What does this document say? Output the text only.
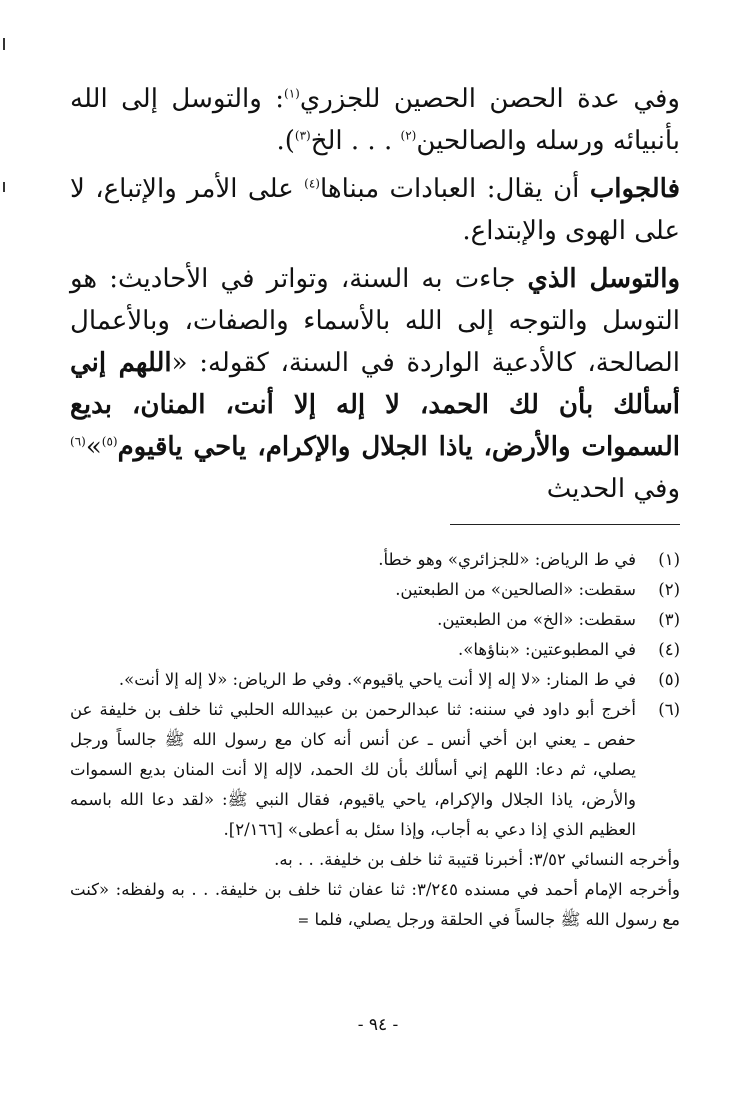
وفي عدة الحصن الحصين للجزري$^{(١)}$: والتوسل إلى الله بأنبيائه ورسله والصالحين$^{(٢)}$ . . . الخ$^{(٣)}$).

فالجواب أن يقال: العبادات مبناها$^{(٤)}$ على الأمر والإتباع، لا على الهوى والإبتداع.

والتوسل الذي جاءت به السنة، وتواتر في الأحاديث: هو التوسل والتوجه إلى الله بالأسماء والصفات، وبالأعمال الصالحة، كالأدعية الواردة في السنة، كقوله: «اللهم إني أسألك بأن لك الحمد، لا إله إلا أنت، المنان، بديع السموات والأرض، ياذا الجلال والإكرام، ياحي ياقيوم$^{(٥)}$»$^{(٦)}$ وفي الحديث

(١)
في ط الرياض: «للجزائري» وهو خطأ.
(٢)
سقطت: «الصالحين» من الطبعتين.
(٣)
سقطت: «الخ» من الطبعتين.
(٤)
في المطبوعتين: «بناؤها».
(٥)
في ط المنار: «لا إله إلا أنت ياحي ياقيوم». وفي ط الرياض: «لا إله إلا أنت».
(٦)
أخرج أبو داود في سننه: ثنا عبدالرحمن بن عبيدالله الحلبي ثنا خلف بن خليفة عن حفص ـ يعني ابن أخي أنس ـ عن أنس أنه كان مع رسول الله ﷺ جالساً ورجل يصلي، ثم دعا: اللهم إني أسألك بأن لك الحمد، لاإله إلا أنت المنان بديع السموات والأرض، ياذا الجلال والإكرام، ياحي ياقيوم، فقال النبي ﷺ: «لقد دعا الله باسمه العظيم الذي إذا دعي به أجاب، وإذا سئل به أعطى» [٢/١٦٦].
وأخرجه النسائي ٣/٥٢: أخبرنا قتيبة ثنا خلف بن خليفة. . . به.
وأخرجه الإمام أحمد في مسنده ٣/٢٤٥: ثنا عفان ثنا خلف بن خليفة. . . به ولفظه: «كنت مع رسول الله ﷺ جالساً في الحلقة ورجل يصلي، فلما =
- ٩٤ -
